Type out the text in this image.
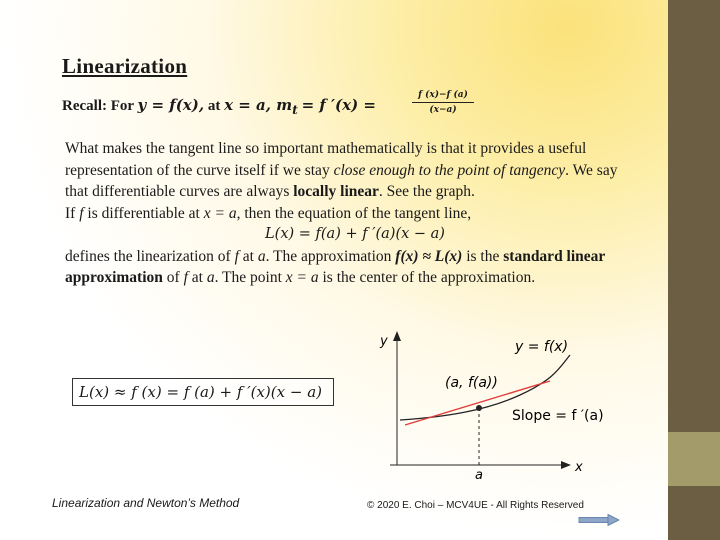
Linearization
Recall: For y = f(x), at x = a, $m_t = f$ ′(x) =	$\frac{f (x)-f (a)}{(x-a)}$

What makes the tangent line so important mathematically is that it provides a useful representation of the curve itself if we stay close enough to the point of tangency. We say that differentiable curves are always locally linear. See the graph.

If f is differentiable at x = a, then the equation of the tangent line,

L(x) = f(a) + f ′(a)(x − a)

defines the linearization of f at a. The approximation f(x) ≈ L(x) is the standard linear approximation of f at a. The point x = a is the center of the approximation.

L(x) ≈ f (x) = f (a) + f ′(x)(x − a)
y
x
a
y = f(x)
(a, f(a))
Slope = f ′(a)
Linearization and Newton’s Method	© 2020 E. Choi – MCV4UE - All Rights Reserved
